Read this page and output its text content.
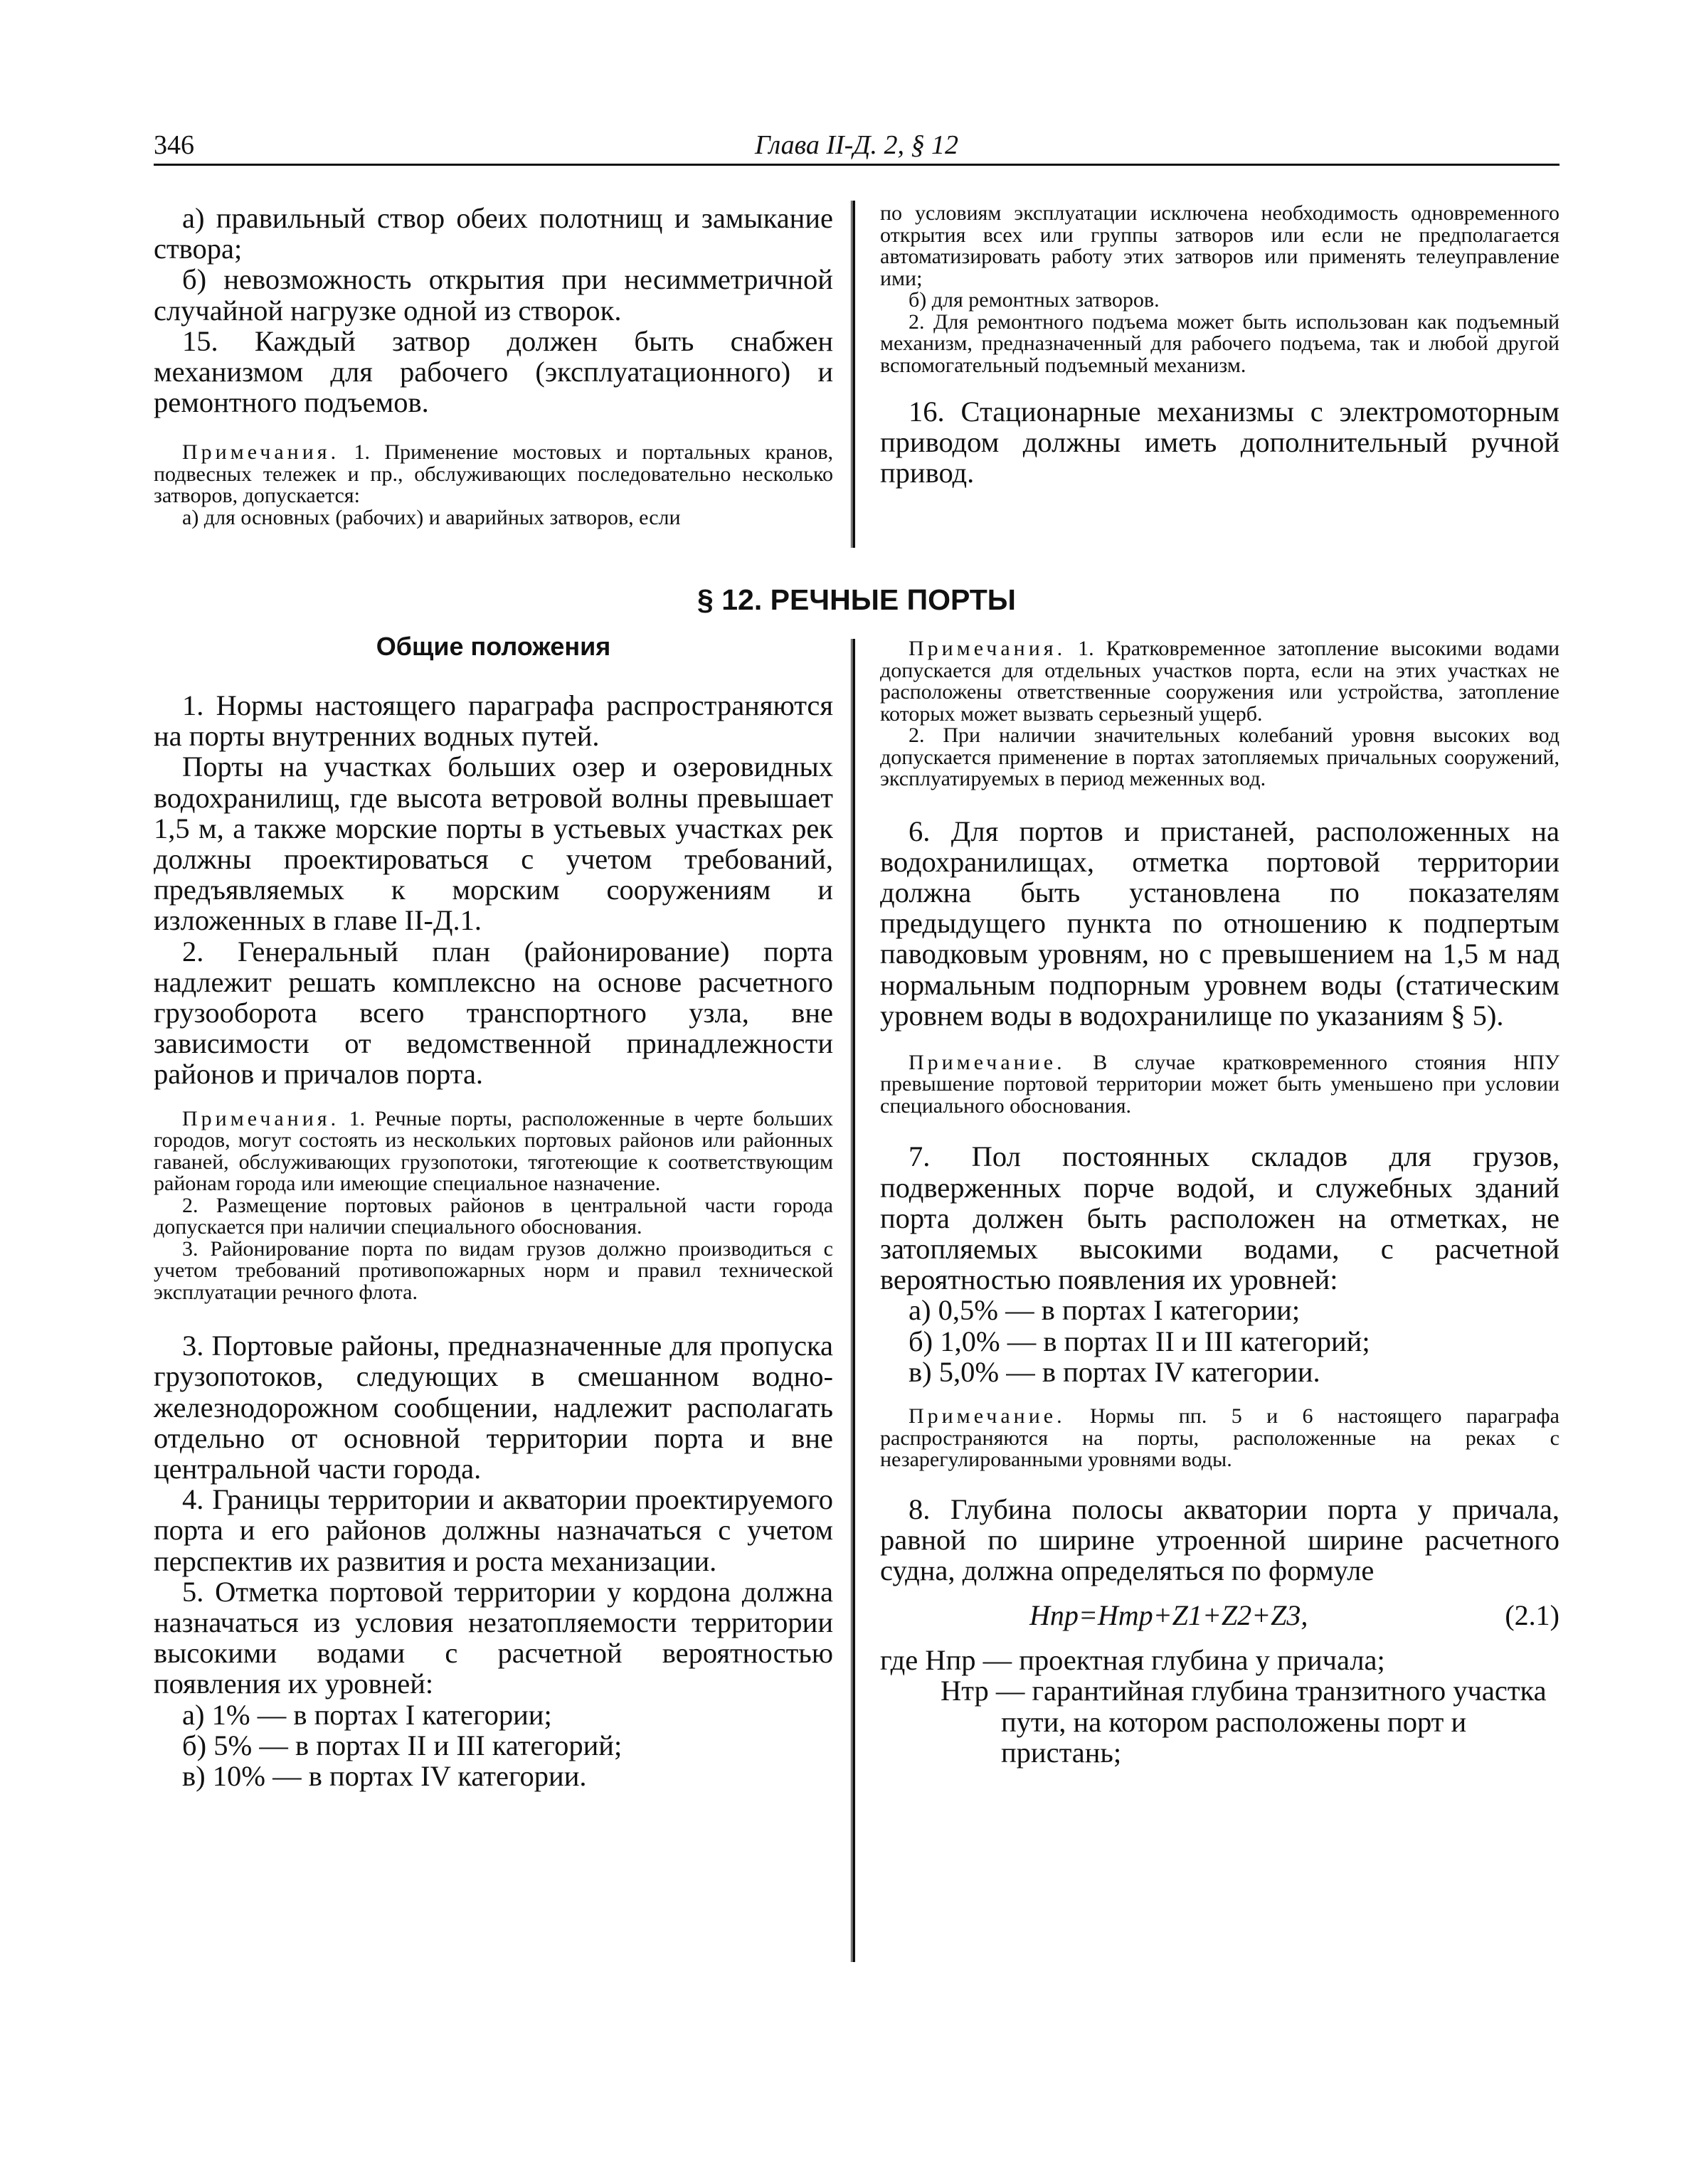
346	Глава II-Д. 2, § 12

а) правильный створ обеих полотнищ и замыкание створа;

б) невозможность открытия при несимметричной случайной нагрузке одной из створок.

15. Каждый затвор должен быть снабжен механизмом для рабочего (эксплуатационного) и ремонтного подъемов.

Примечания. 1. Применение мостовых и портальных кранов, подвесных тележек и пр., обслуживающих последовательно несколько затворов, допускается:

а) для основных (рабочих) и аварийных затворов, если

по условиям эксплуатации исключена необходимость одновременного открытия всех или группы затворов или если не предполагается автоматизировать работу этих затворов или применять телеуправление ими;

б) для ремонтных затворов.

2. Для ремонтного подъема может быть использован как подъемный механизм, предназначенный для рабочего подъема, так и любой другой вспомогательный подъемный механизм.

16. Стационарные механизмы с электромоторным приводом должны иметь дополнительный ручной привод.

§ 12. РЕЧНЫЕ ПОРТЫ
Общие положения

1. Нормы настоящего параграфа распространяются на порты внутренних водных путей.

Порты на участках больших озер и озеровидных водохранилищ, где высота ветровой волны превышает 1,5 м, а также морские порты в устьевых участках рек должны проектироваться с учетом требований, предъявляемых к морским сооружениям и изложенных в главе II-Д.1.

2. Генеральный план (районирование) порта надлежит решать комплексно на основе расчетного грузооборота всего транспортного узла, вне зависимости от ведомственной принадлежности районов и причалов порта.

Примечания. 1. Речные порты, расположенные в черте больших городов, могут состоять из нескольких портовых районов или районных гаваней, обслуживающих грузопотоки, тяготеющие к соответствующим районам города или имеющие специальное назначение.

2. Размещение портовых районов в центральной части города допускается при наличии специального обоснования.

3. Районирование порта по видам грузов должно производиться с учетом требований противопожарных норм и правил технической эксплуатации речного флота.

3. Портовые районы, предназначенные для пропуска грузопотоков, следующих в смешанном водно-железнодорожном сообщении, надлежит располагать отдельно от основной территории порта и вне центральной части города.

4. Границы территории и акватории проектируемого порта и его районов должны назначаться с учетом перспектив их развития и роста механизации.

5. Отметка портовой территории у кордона должна назначаться из условия незатопляемости территории высокими водами с расчетной вероятностью появления их уровней:

а) 1% — в портах I категории;

б) 5% — в портах II и III категорий;

в) 10% — в портах IV категории.

Примечания. 1. Кратковременное затопление высокими водами допускается для отдельных участков порта, если на этих участках не расположены ответственные сооружения или устройства, затопление которых может вызвать серьезный ущерб.

2. При наличии значительных колебаний уровня высоких вод допускается применение в портах затопляемых причальных сооружений, эксплуатируемых в период меженных вод.

6. Для портов и пристаней, расположенных на водохранилищах, отметка портовой территории должна быть установлена по показателям предыдущего пункта по отношению к подпертым паводковым уровням, но с превышением на 1,5 м над нормальным подпорным уровнем воды (статическим уровнем воды в водохранилище по указаниям § 5).

Примечание. В случае кратковременного стояния НПУ превышение портовой территории может быть уменьшено при условии специального обоснования.

7. Пол постоянных складов для грузов, подверженных порче водой, и служебных зданий порта должен быть расположен на отметках, не затопляемых высокими водами, с расчетной вероятностью появления их уровней:

а) 0,5% — в портах I категории;

б) 1,0% — в портах II и III категорий;

в) 5,0% — в портах IV категории.

Примечание. Нормы пп. 5 и 6 настоящего параграфа распространяются на порты, расположенные на реках с незарегулированными уровнями воды.

8. Глубина полосы акватории порта у причала, равной по ширине утроенной ширине расчетного судна, должна определяться по формуле

Hпр=Hтр+Z1+Z2+Z3,	(2.1)

где Hпр — проектная глубина у причала;

Hтр — гарантийная глубина транзитного участка пути, на котором расположены порт и пристань;
